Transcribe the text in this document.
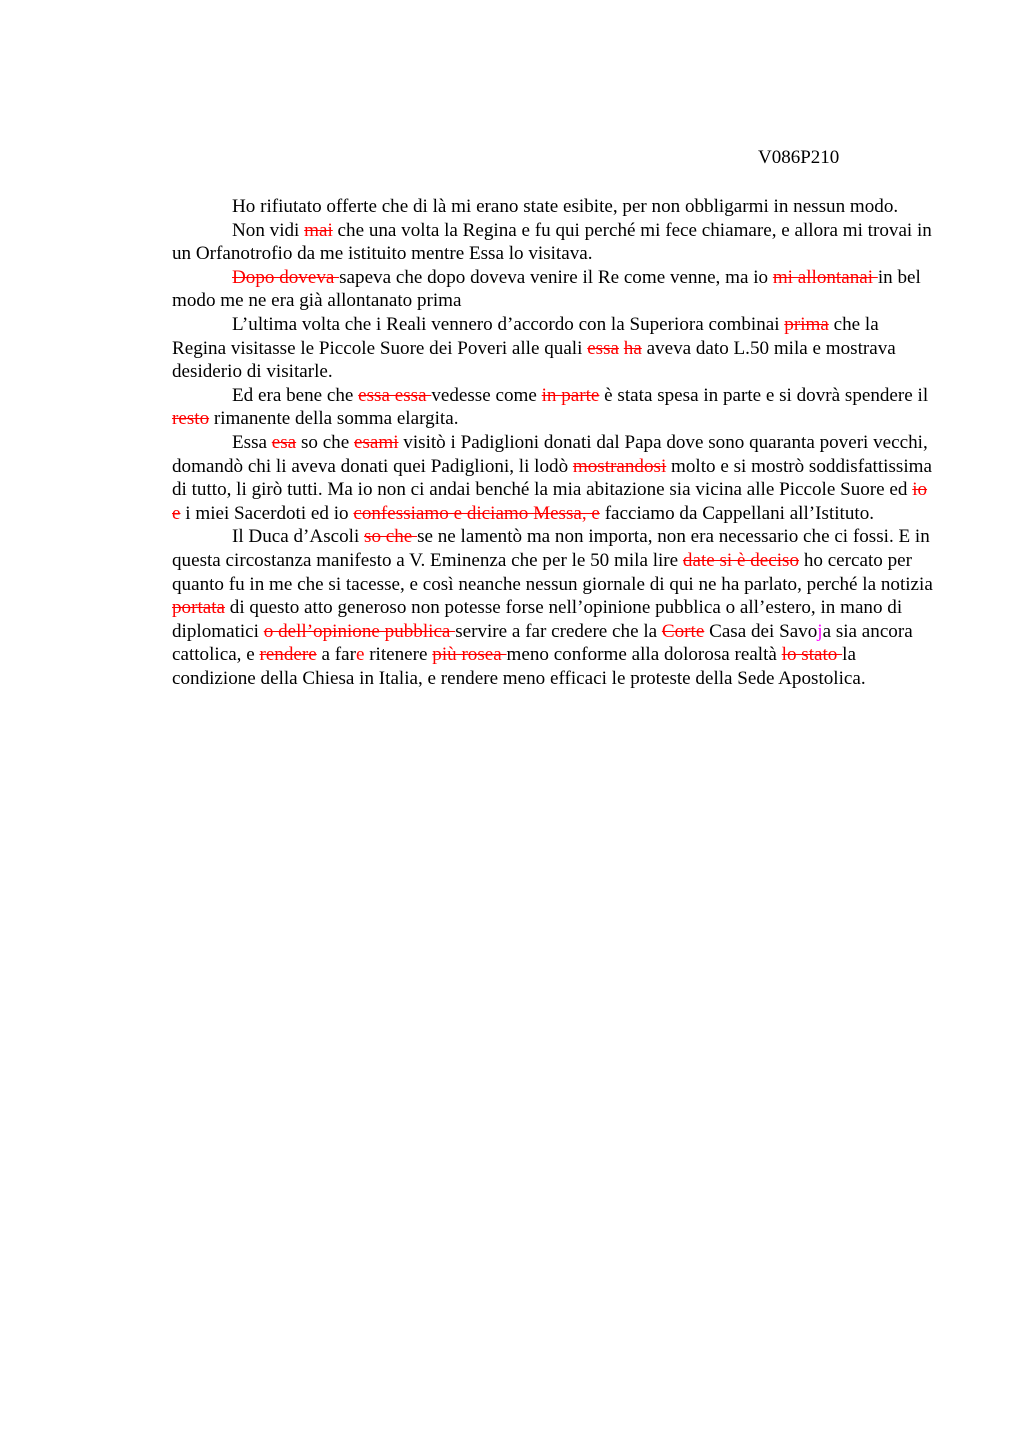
V086P210

Ho rifiutato offerte che di là mi erano state esibite, per non obbligarmi in nessun modo.

Non vidi mai che una volta la Regina e fu qui perché mi fece chiamare, e allora mi trovai in un Orfanotrofio da me istituito mentre Essa lo visitava.

Dopo doveva sapeva che dopo doveva venire il Re come venne, ma io mi allontanai in bel modo me ne era già allontanato prima

L’ultima volta che i Reali vennero d’accordo con la Superiora combinai prima che la Regina visitasse le Piccole Suore dei Poveri alle quali essa ha aveva dato L.50 mila e mostrava desiderio di visitarle.

Ed era bene che essa essa vedesse come in parte è stata spesa in parte e si dovrà spendere il resto rimanente della somma elargita.

Essa esa so che esami visitò i Padiglioni donati dal Papa dove sono quaranta poveri vecchi, domandò chi li aveva donati quei Padiglioni, li lodò mostrandosi molto e si mostrò soddisfattissima di tutto, li girò tutti. Ma io non ci andai benché la mia abitazione sia vicina alle Piccole Suore ed io e i miei Sacerdoti ed io confessiamo e diciamo Messa, e facciamo da Cappellani all’Istituto.

Il Duca d’Ascoli so che se ne lamentò ma non importa, non era necessario che ci fossi. E in questa circostanza manifesto a V. Eminenza che per le 50 mila lire date si è deciso ho cercato per quanto fu in me che si tacesse, e così neanche nessun giornale di qui ne ha parlato, perché la notizia portata di questo atto generoso non potesse forse nell’opinione pubblica o all’estero, in mano di diplomatici o dell’opinione pubblica servire a far credere che la Corte Casa dei Savoja sia ancora cattolica, e rendere a fare ritenere più rosea meno conforme alla dolorosa realtà lo stato la condizione della Chiesa in Italia, e rendere meno efficaci le proteste della Sede Apostolica.
